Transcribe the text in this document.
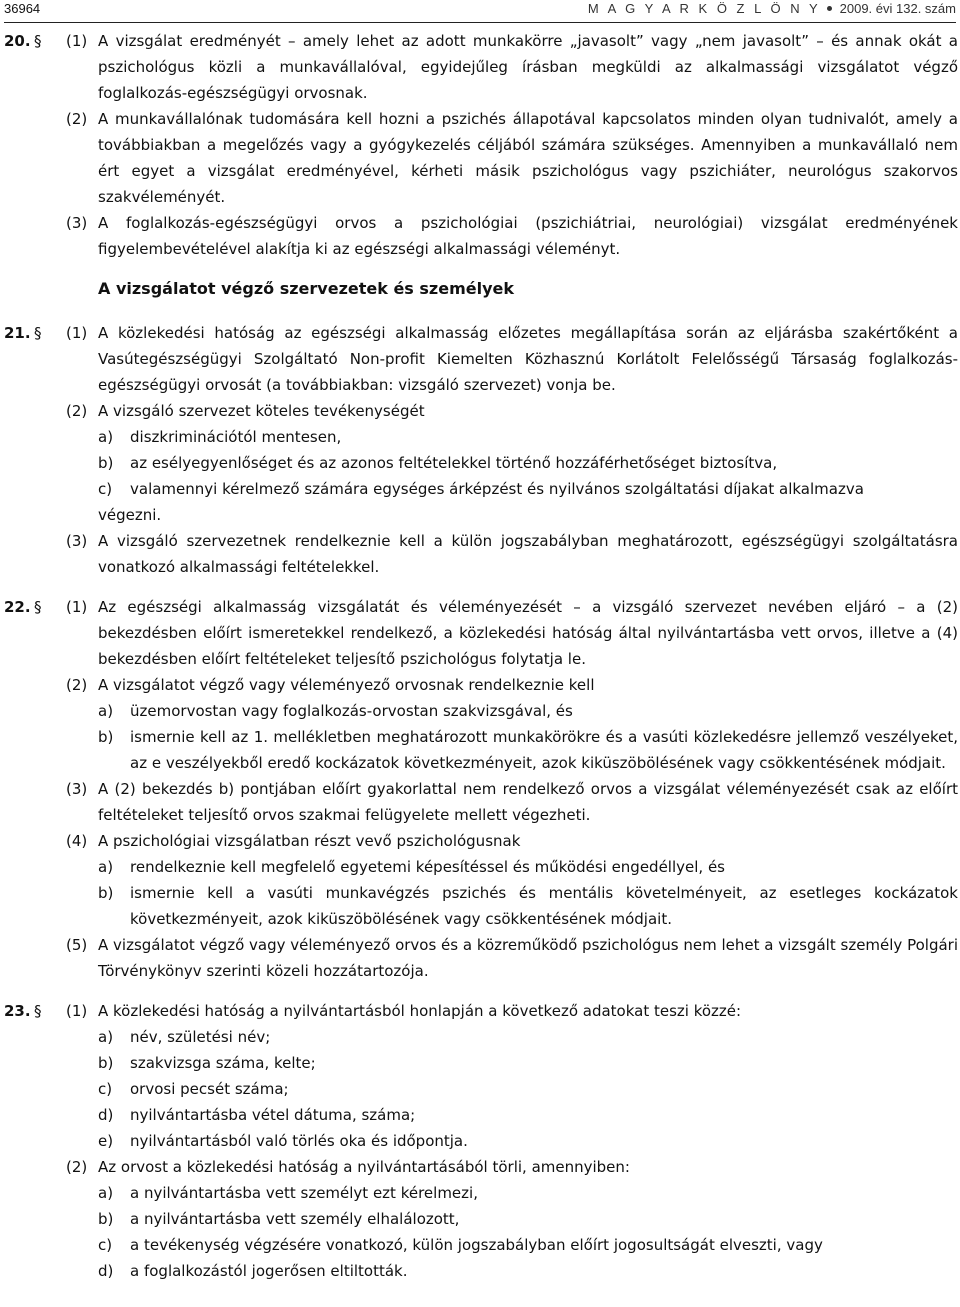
36964	M A G Y A R K Ö Z L Ö N Y 2009. évi 132. szám
20. § (1) A vizsgálat eredményét – amely lehet az adott munkakörre „javasolt” vagy „nem javasolt” – és annak okát a pszichológus közli a munkavállalóval, egyidejűleg írásban megküldi az alkalmassági vizsgálatot végző foglalkozás-egészségügyi orvosnak.
(2) A munkavállalónak tudomására kell hozni a pszichés állapotával kapcsolatos minden olyan tudnivalót, amely a továbbiakban a megelőzés vagy a gyógykezelés céljából számára szükséges. Amennyiben a munkavállaló nem ért egyet a vizsgálat eredményével, kérheti másik pszichológus vagy pszichiáter, neurológus szakorvos szakvéleményét.
(3) A foglalkozás-egészségügyi orvos a pszichológiai (pszichiátriai, neurológiai) vizsgálat eredményének figyelembevételével alakítja ki az egészségi alkalmassági véleményt.
A vizsgálatot végző szervezetek és személyek
21. § (1) A közlekedési hatóság az egészségi alkalmasság előzetes megállapítása során az eljárásba szakértőként a Vasútegészségügyi Szolgáltató Non-profit Kiemelten Közhasznú Korlátolt Felelősségű Társaság foglalkozás-egészségügyi orvosát (a továbbiakban: vizsgáló szervezet) vonja be.
(2) A vizsgáló szervezet köteles tevékenységét
a) diszkriminációtól mentesen,
b) az esélyegyenlőséget és az azonos feltételekkel történő hozzáférhetőséget biztosítva,
c) valamennyi kérelmező számára egységes árképzést és nyilvános szolgáltatási díjakat alkalmazva
végezni.
(3) A vizsgáló szervezetnek rendelkeznie kell a külön jogszabályban meghatározott, egészségügyi szolgáltatásra vonatkozó alkalmassági feltételekkel.
22. § (1) Az egészségi alkalmasság vizsgálatát és véleményezését – a vizsgáló szervezet nevében eljáró – a (2) bekezdésben előírt ismeretekkel rendelkező, a közlekedési hatóság által nyilvántartásba vett orvos, illetve a (4) bekezdésben előírt feltételeket teljesítő pszichológus folytatja le.
(2) A vizsgálatot végző vagy véleményező orvosnak rendelkeznie kell
a) üzemorvostan vagy foglalkozás-orvostan szakvizsgával, és
b) ismernie kell az 1. mellékletben meghatározott munkakörökre és a vasúti közlekedésre jellemző veszélyeket, az e veszélyekből eredő kockázatok következményeit, azok kiküszöbölésének vagy csökkentésének módjait.
(3) A (2) bekezdés b) pontjában előírt gyakorlattal nem rendelkező orvos a vizsgálat véleményezését csak az előírt feltételeket teljesítő orvos szakmai felügyelete mellett végezheti.
(4) A pszichológiai vizsgálatban részt vevő pszichológusnak
a) rendelkeznie kell megfelelő egyetemi képesítéssel és működési engedéllyel, és
b) ismernie kell a vasúti munkavégzés pszichés és mentális követelményeit, az esetleges kockázatok következményeit, azok kiküszöbölésének vagy csökkentésének módjait.
(5) A vizsgálatot végző vagy véleményező orvos és a közreműködő pszichológus nem lehet a vizsgált személy Polgári Törvénykönyv szerinti közeli hozzátartozója.
23. § (1) A közlekedési hatóság a nyilvántartásból honlapján a következő adatokat teszi közzé:
a) név, születési név;
b) szakvizsga száma, kelte;
c) orvosi pecsét száma;
d) nyilvántartásba vétel dátuma, száma;
e) nyilvántartásból való törlés oka és időpontja.
(2) Az orvost a közlekedési hatóság a nyilvántartásából törli, amennyiben:
a) a nyilvántartásba vett személyt ezt kérelmezi,
b) a nyilvántartásba vett személy elhalálozott,
c) a tevékenység végzésére vonatkozó, külön jogszabályban előírt jogosultságát elveszti, vagy
d) a foglalkozástól jogerősen eltiltották.
